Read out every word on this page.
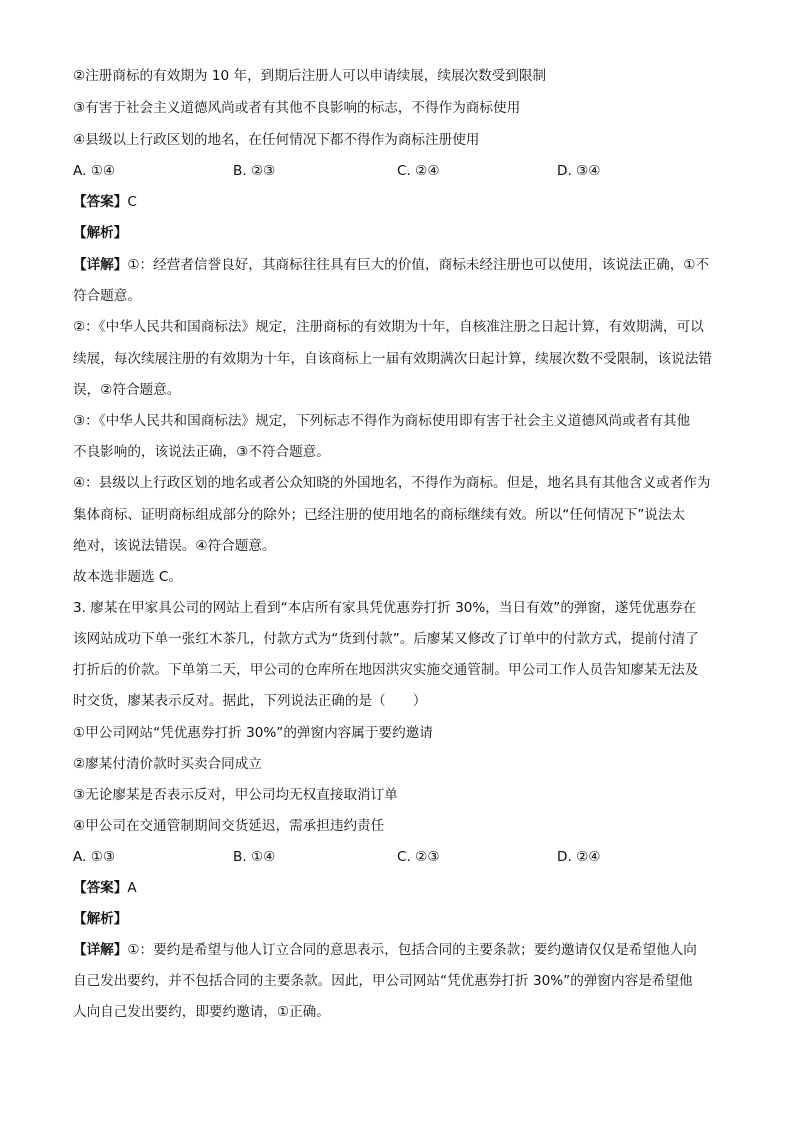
②注册商标的有效期为 10 年，到期后注册人可以申请续展，续展次数受到限制

③有害于社会主义道德风尚或者有其他不良影响的标志，不得作为商标使用

④县级以上行政区划的地名，在任何情况下都不得作为商标注册使用

A. ①④	B. ②③	C. ②④	D. ③④

【答案】C

【解析】

【详解】①：经营者信誉良好，其商标往往具有巨大的价值，商标未经注册也可以使用，该说法正确，①不

符合题意。

②：《中华人民共和国商标法》规定，注册商标的有效期为十年，自核准注册之日起计算，有效期满，可以

续展，每次续展注册的有效期为十年，自该商标上一届有效期满次日起计算，续展次数不受限制，该说法错

误，②符合题意。

③：《中华人民共和国商标法》规定，下列标志不得作为商标使用即有害于社会主义道德风尚或者有其他

不良影响的，该说法正确，③不符合题意。

④：县级以上行政区划的地名或者公众知晓的外国地名，不得作为商标。但是，地名具有其他含义或者作为

集体商标、证明商标组成部分的除外；已经注册的使用地名的商标继续有效。所以“任何情况下”说法太

绝对，该说法错误。④符合题意。

故本选非题选 C。

3. 廖某在甲家具公司的网站上看到“本店所有家具凭优惠券打折 30%，当日有效”的弹窗，遂凭优惠券在

该网站成功下单一张红木茶几，付款方式为“货到付款”。后廖某又修改了订单中的付款方式，提前付清了

打折后的价款。下单第二天，甲公司的仓库所在地因洪灾实施交通管制。甲公司工作人员告知廖某无法及

时交货，廖某表示反对。据此，下列说法正确的是（　　）

①甲公司网站“凭优惠券打折 30%”的弹窗内容属于要约邀请

②廖某付清价款时买卖合同成立

③无论廖某是否表示反对，甲公司均无权直接取消订单

④甲公司在交通管制期间交货延迟，需承担违约责任

A. ①③	B. ①④	C. ②③	D. ②④

【答案】A

【解析】

【详解】①：要约是希望与他人订立合同的意思表示，包括合同的主要条款；要约邀请仅仅是希望他人向

自己发出要约，并不包括合同的主要条款。因此，甲公司网站“凭优惠券打折 30%”的弹窗内容是希望他

人向自己发出要约，即要约邀请，①正确。
